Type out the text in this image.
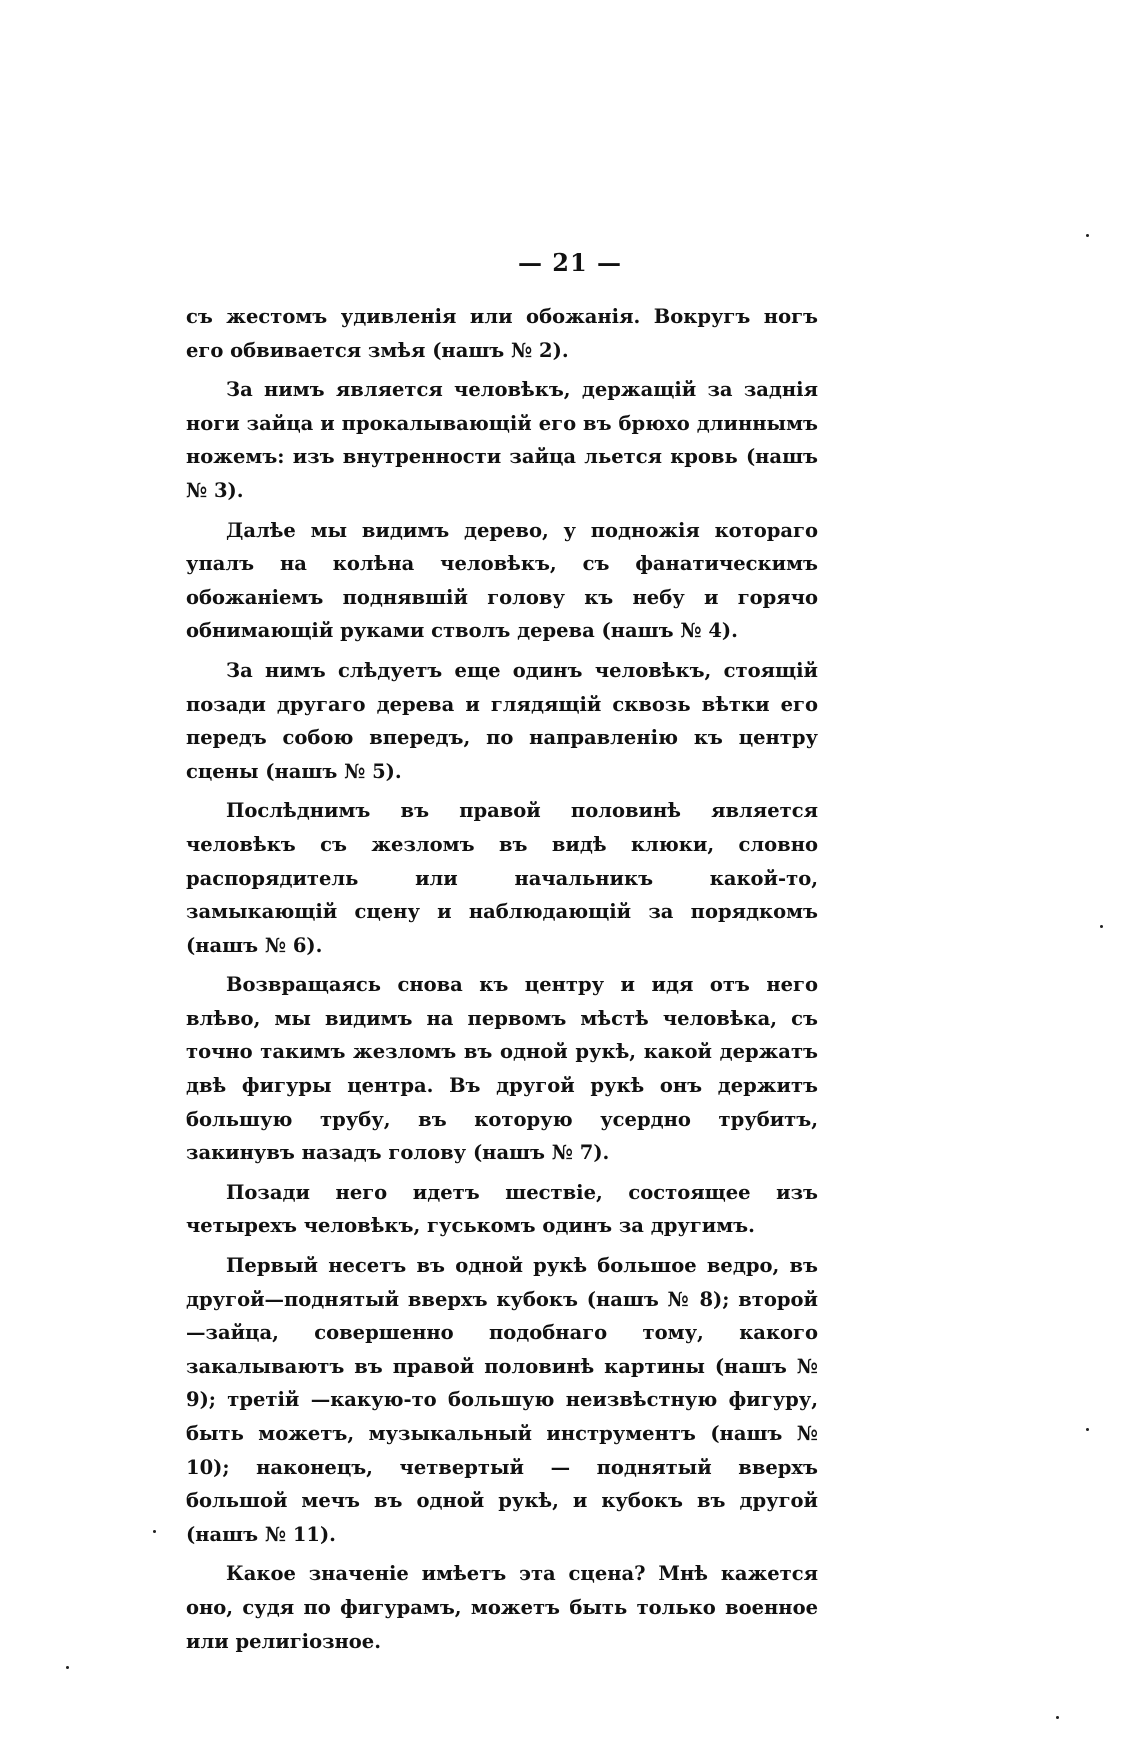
— 21 —

съ жестомъ удивленія или обожанія. Вокругъ ногъ его обвивается змѣя (нашъ № 2).

За нимъ является человѣкъ, держащій за заднія ноги зайца и прокалывающій его въ брюхо длиннымъ ножемъ: изъ внутренности зайца льется кровь (нашъ № 3).

Далѣе мы видимъ дерево, у подножія котораго упалъ на колѣна человѣкъ, съ фанатическимъ обожаніемъ поднявшій голову къ небу и горячо обнимающій руками стволъ дерева (нашъ № 4).

За нимъ слѣдуетъ еще одинъ человѣкъ, стоящій позади другаго дерева и глядящій сквозь вѣтки его передъ собою впередъ, по направленію къ центру сцены (нашъ № 5).

Послѣднимъ въ правой половинѣ является человѣкъ съ жезломъ въ видѣ клюки, словно распорядитель или начальникъ какой-то, замыкающій сцену и наблюдающій за порядкомъ (нашъ № 6).

Возвращаясь снова къ центру и идя отъ него влѣво, мы видимъ на первомъ мѣстѣ человѣка, съ точно такимъ жезломъ въ одной рукѣ, какой держатъ двѣ фигуры центра. Въ другой рукѣ онъ держитъ большую трубу, въ которую усердно трубитъ, закинувъ назадъ голову (нашъ № 7).

Позади него идетъ шествіе, состоящее изъ четырехъ человѣкъ, гуськомъ одинъ за другимъ.

Первый несетъ въ одной рукѣ большое ведро, въ другой—поднятый вверхъ кубокъ (нашъ № 8); второй—зайца, совершенно подобнаго тому, какого закалываютъ въ правой половинѣ картины (нашъ № 9); третій —какую-то большую неизвѣстную фигуру, быть можетъ, музыкальный инструментъ (нашъ № 10); наконецъ, четвертый — поднятый вверхъ большой мечъ въ одной рукѣ, и кубокъ въ другой (нашъ № 11).

Какое значеніе имѣетъ эта сцена? Мнѣ кажется оно, судя по фигурамъ, можетъ быть только военное или религіозное.
